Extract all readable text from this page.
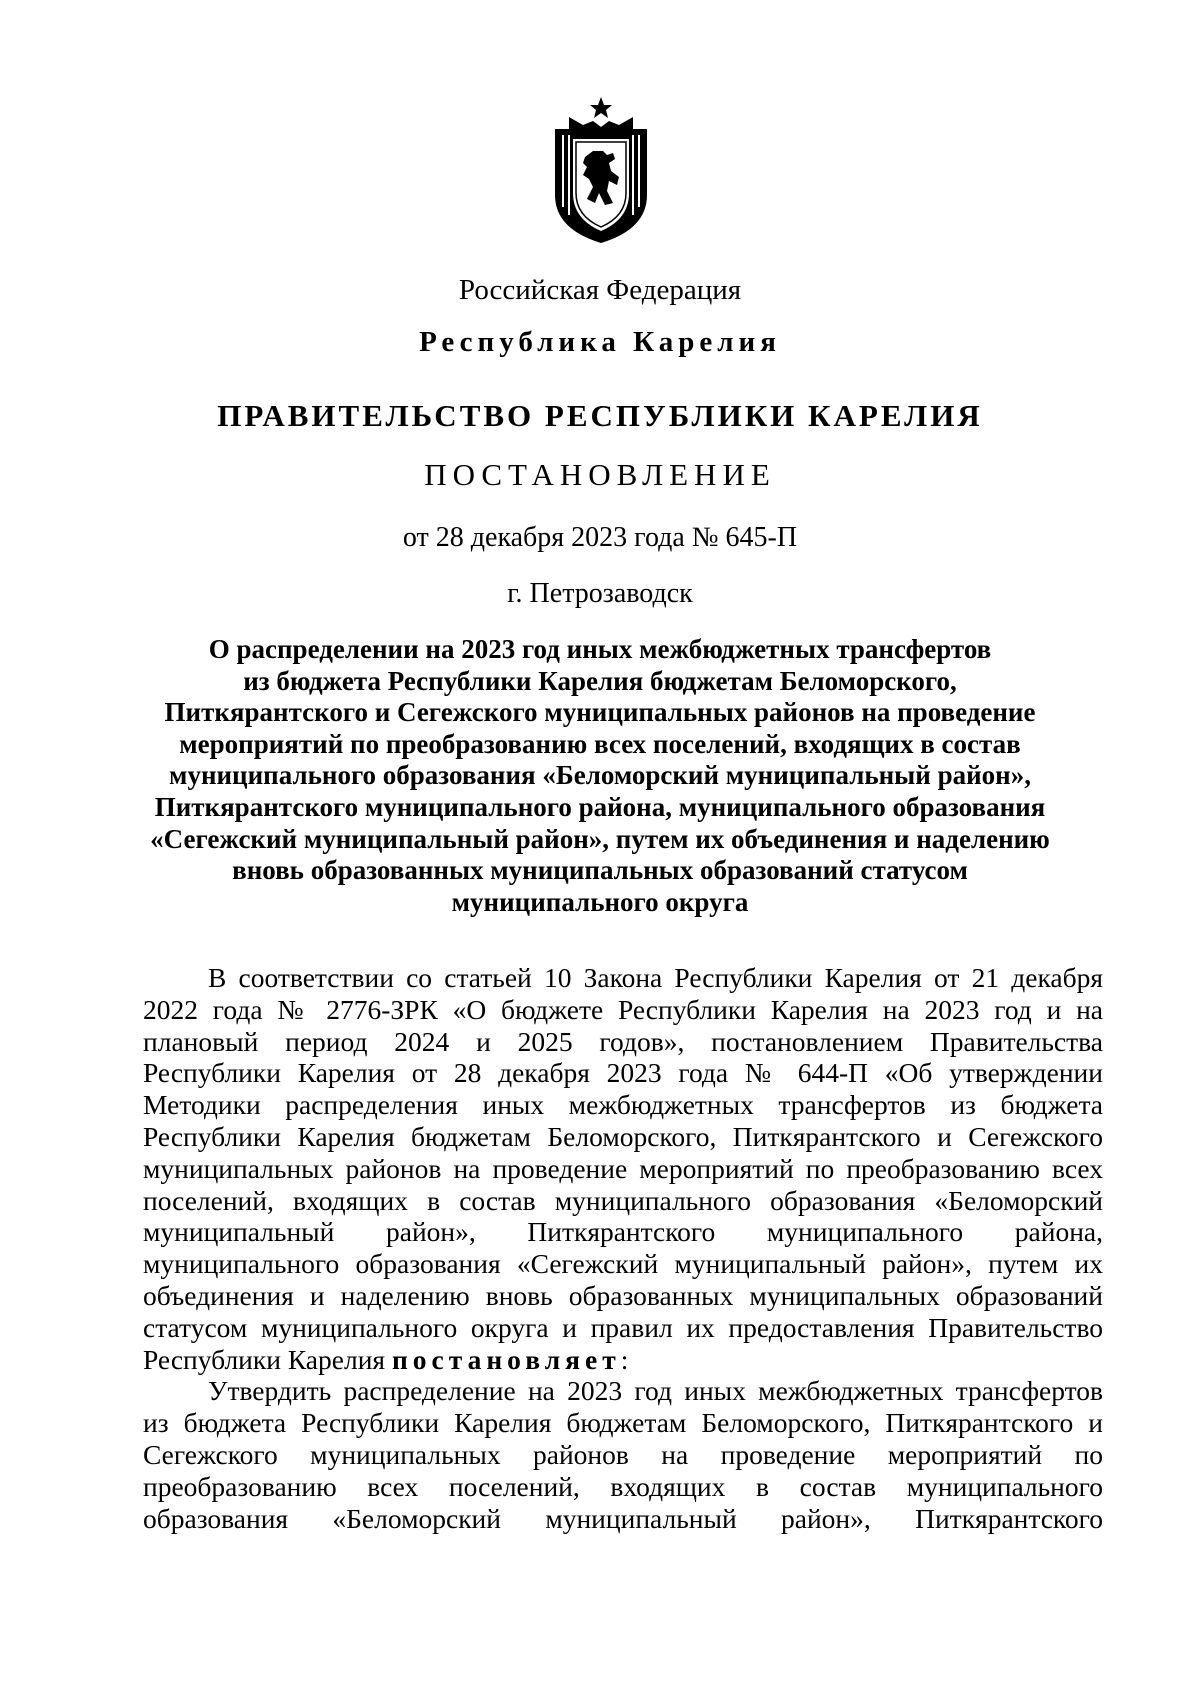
Российская Федерация
Республика Карелия
ПРАВИТЕЛЬСТВО РЕСПУБЛИКИ КАРЕЛИЯ
ПОСТАНОВЛЕНИЕ
от 28 декабря 2023 года № 645-П
г. Петрозаводск
О распределении на 2023 год иных межбюджетных трансфертов
из бюджета Республики Карелия бюджетам Беломорского,
Питкярантского и Сегежского муниципальных районов на проведение
мероприятий по преобразованию всех поселений, входящих в состав
муниципального образования «Беломорский муниципальный район»,
Питкярантского муниципального района, муниципального образования
«Сегежский муниципальный район», путем их объединения и наделению
вновь образованных муниципальных образований статусом
муниципального округа
В соответствии со статьей 10 Закона Республики Карелия от 21 декабря
2022 года № 2776-ЗРК «О бюджете Республики Карелия на 2023 год и на
плановый период 2024 и 2025 годов», постановлением Правительства
Республики Карелия от 28 декабря 2023 года № 644-П «Об утверждении
Методики распределения иных межбюджетных трансфертов из бюджета
Республики Карелия бюджетам Беломорского, Питкярантского и Сегежского
муниципальных районов на проведение мероприятий по преобразованию всех
поселений, входящих в состав муниципального образования «Беломорский
муниципальный район», Питкярантского муниципального района,
муниципального образования «Сегежский муниципальный район», путем их
объединения и наделению вновь образованных муниципальных образований
статусом муниципального округа и правил их предоставления Правительство
Республики Карелия постановляет:
Утвердить распределение на 2023 год иных межбюджетных трансфертов
из бюджета Республики Карелия бюджетам Беломорского, Питкярантского и
Сегежского муниципальных районов на проведение мероприятий по
преобразованию всех поселений, входящих в состав муниципального
образования «Беломорский муниципальный район», Питкярантского
